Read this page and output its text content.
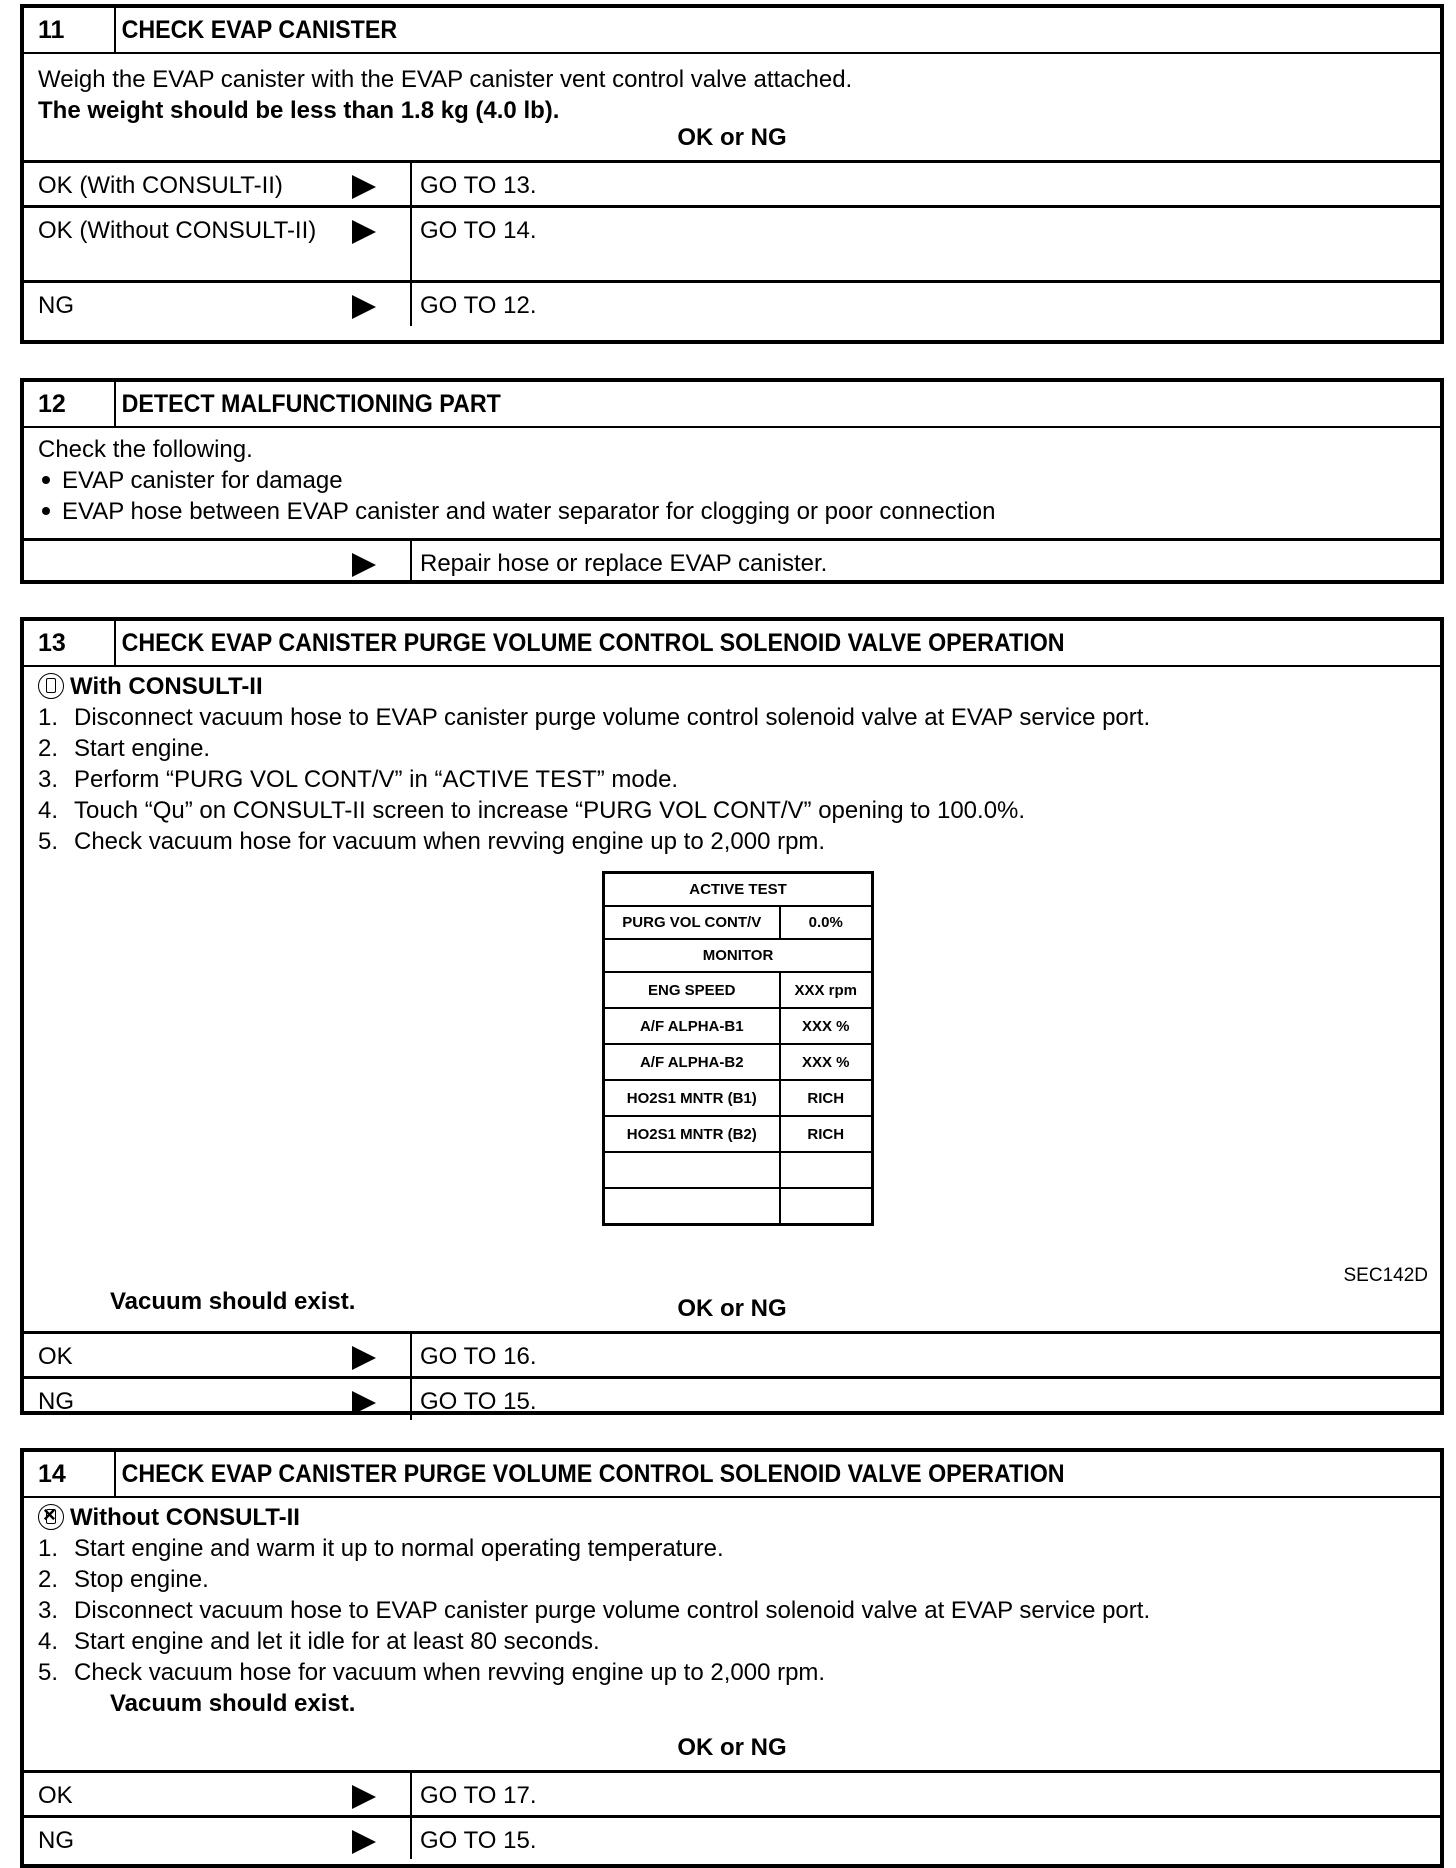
11	CHECK EVAP CANISTER
Weigh the EVAP canister with the EVAP canister vent control valve attached.
The weight should be less than 1.8 kg (4.0 lb).
OK or NG
OK (With CONSULT-II)	GO TO 13.
OK (Without CONSULT-II)	GO TO 14.
NG	GO TO 12.
12	DETECT MALFUNCTIONING PART
Check the following.
EVAP canister for damage
EVAP hose between EVAP canister and water separator for clogging or poor connection
Repair hose or replace EVAP canister.
13	CHECK EVAP CANISTER PURGE VOLUME CONTROL SOLENOID VALVE OPERATION
With CONSULT-II
1. Disconnect vacuum hose to EVAP canister purge volume control solenoid valve at EVAP service port.
2. Start engine.
3. Perform “PURG VOL CONT/V” in “ACTIVE TEST” mode.
4. Touch “Qu” on CONSULT-II screen to increase “PURG VOL CONT/V” opening to 100.0%.
5. Check vacuum hose for vacuum when revving engine up to 2,000 rpm.
ACTIVE TEST	
PURG VOL CONT/V	0.0%
MONITOR	
ENG SPEED	XXX rpm
A/F ALPHA-B1	XXX %
A/F ALPHA-B2	XXX %
HO2S1 MNTR (B1)	RICH
HO2S1 MNTR (B2)	RICH

SEC142D
Vacuum should exist.	OK or NG
OK	GO TO 16.
NG	GO TO 15.
14	CHECK EVAP CANISTER PURGE VOLUME CONTROL SOLENOID VALVE OPERATION
×Without CONSULT-II
1. Start engine and warm it up to normal operating temperature.
2. Stop engine.
3. Disconnect vacuum hose to EVAP canister purge volume control solenoid valve at EVAP service port.
4. Start engine and let it idle for at least 80 seconds.
5. Check vacuum hose for vacuum when revving engine up to 2,000 rpm.
Vacuum should exist.
OK or NG
OK	GO TO 17.
NG	GO TO 15.
